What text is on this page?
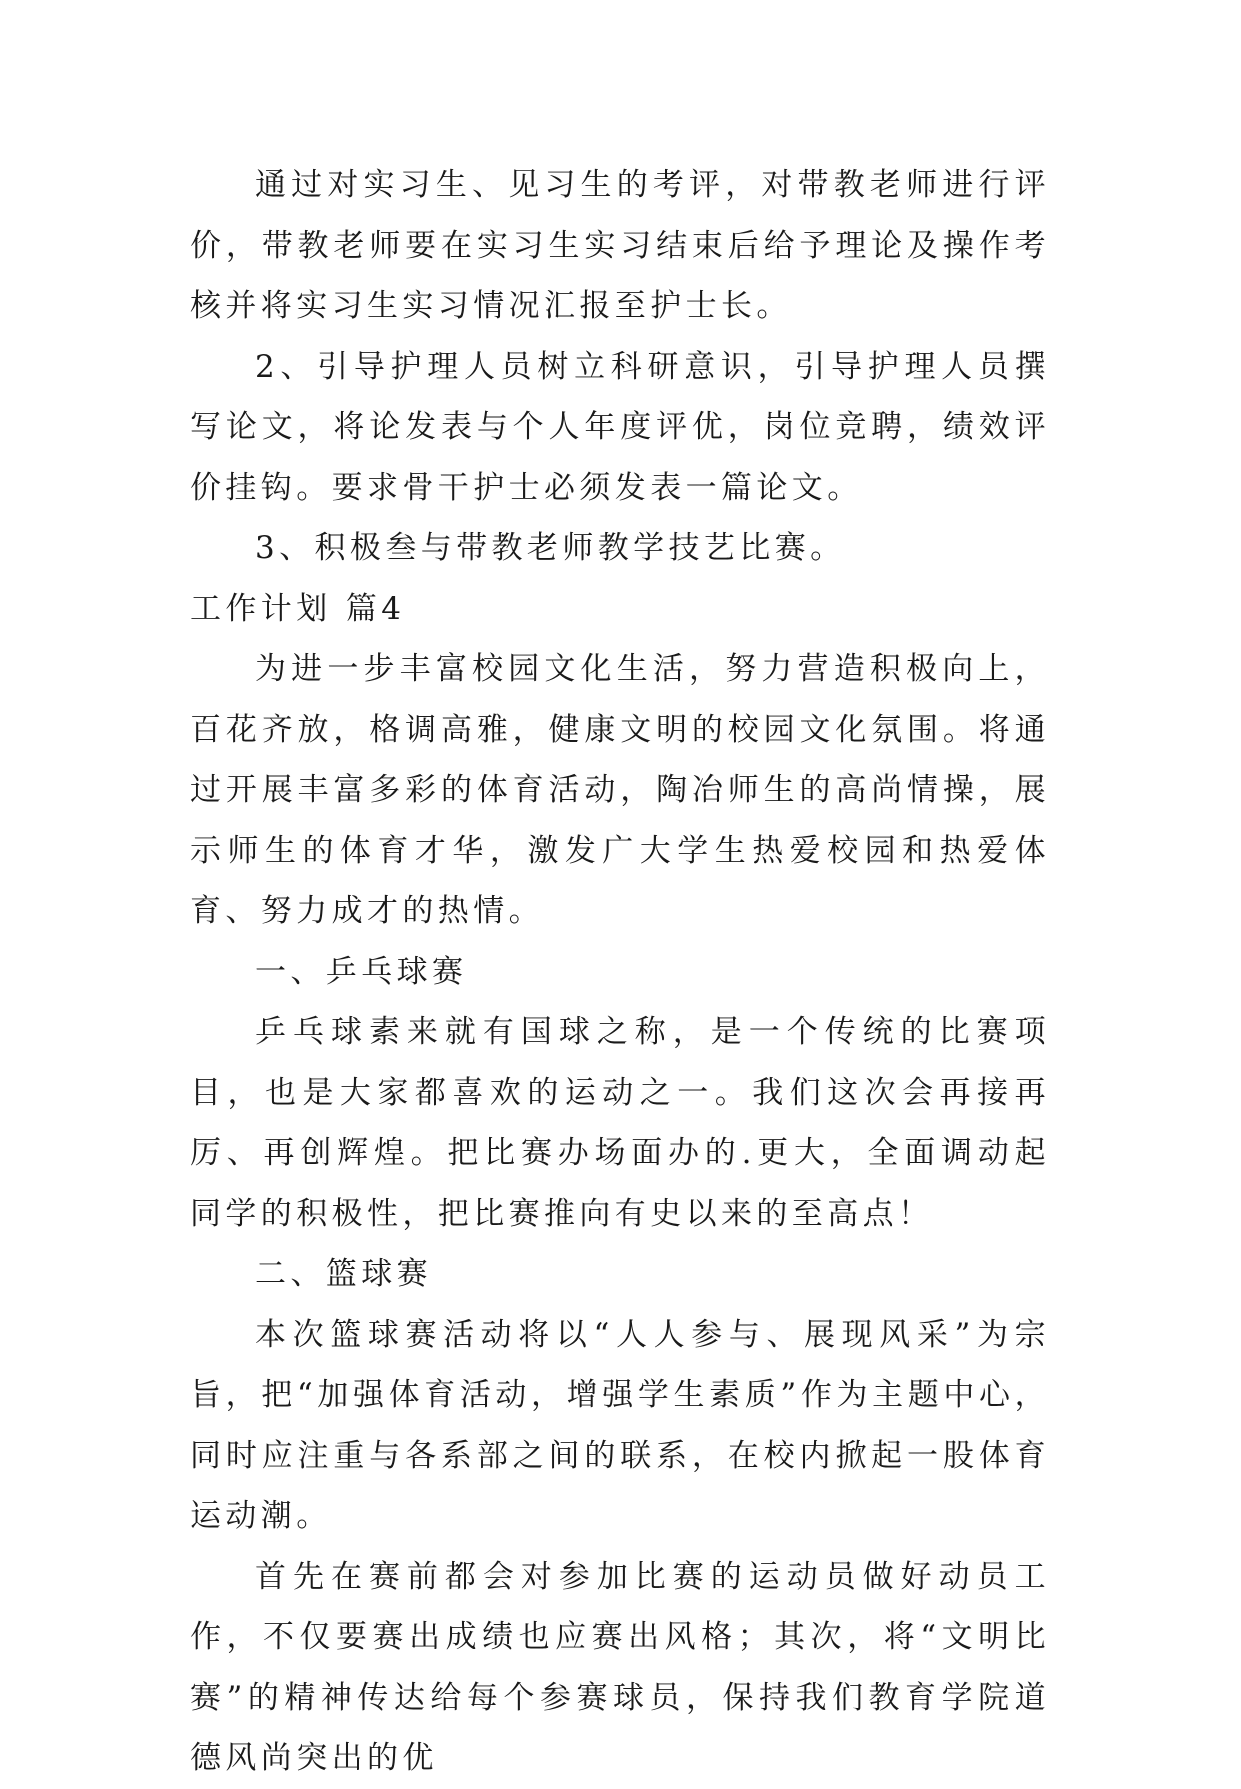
通过对实习生、见习生的考评，对带教老师进行评价，带教老师要在实习生实习结束后给予理论及操作考核并将实习生实习情况汇报至护士长。

2、引导护理人员树立科研意识，引导护理人员撰写论文，将论发表与个人年度评优，岗位竞聘，绩效评价挂钩。要求骨干护士必须发表一篇论文。

3、积极叁与带教老师教学技艺比赛。

工作计划 篇4

为进一步丰富校园文化生活，努力营造积极向上，百花齐放，格调高雅，健康文明的校园文化氛围。将通过开展丰富多彩的体育活动，陶冶师生的高尚情操，展示师生的体育才华，激发广大学生热爱校园和热爱体育、努力成才的热情。

一、乒乓球赛

乒乓球素来就有国球之称，是一个传统的比赛项目，也是大家都喜欢的运动之一。我们这次会再接再厉、再创辉煌。把比赛办场面办的.更大，全面调动起同学的积极性，把比赛推向有史以来的至高点！

二、篮球赛

本次篮球赛活动将以“人人参与、展现风采”为宗旨，把“加强体育活动，增强学生素质”作为主题中心，同时应注重与各系部之间的联系，在校内掀起一股体育运动潮。

首先在赛前都会对参加比赛的运动员做好动员工作，不仅要赛出成绩也应赛出风格；其次，将“文明比赛”的精神传达给每个参赛球员，保持我们教育学院道德风尚突出的优
